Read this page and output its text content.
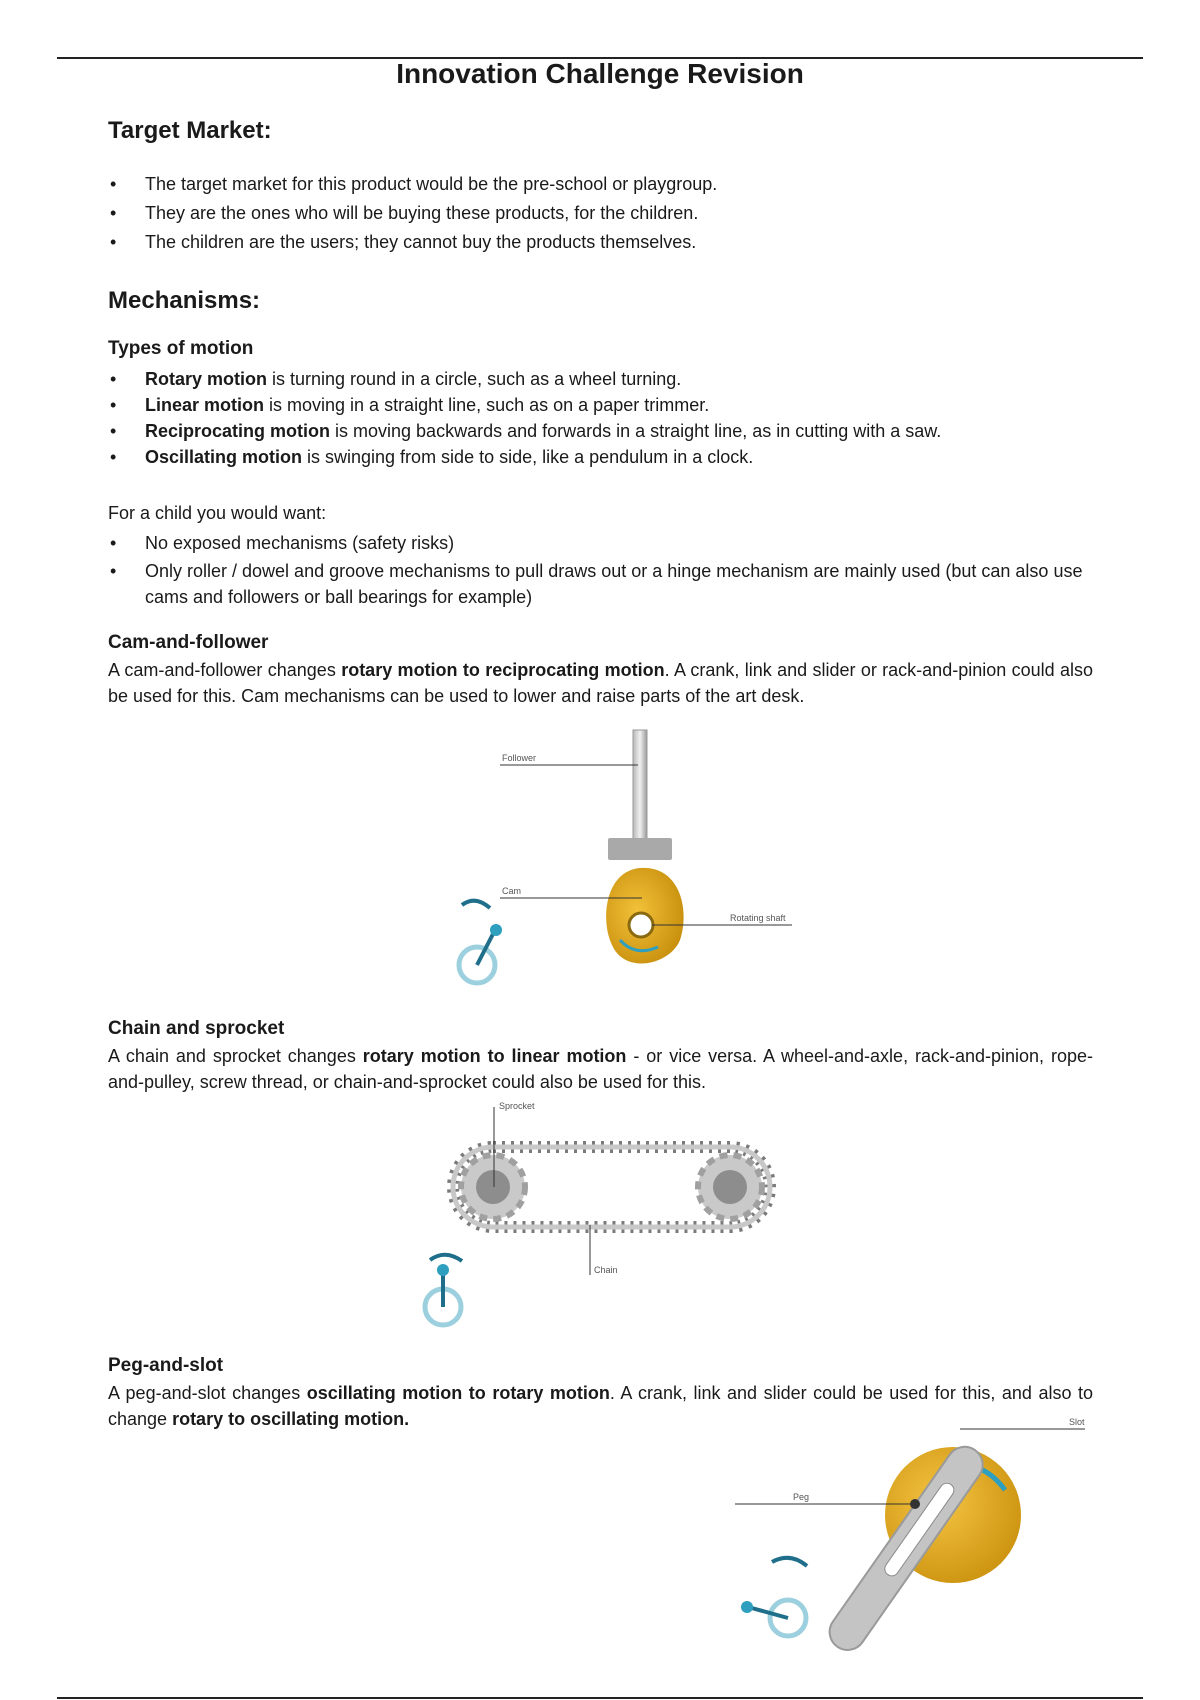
Innovation Challenge Revision
Target Market:
• The target market for this product would be the pre-school or playgroup.
• They are the ones who will be buying these products, for the children.
• The children are the users; they cannot buy the products themselves.
Mechanisms:
Types of motion
• Rotary motion is turning round in a circle, such as a wheel turning.
• Linear motion is moving in a straight line, such as on a paper trimmer.
• Reciprocating motion is moving backwards and forwards in a straight line, as in cutting with a saw.
• Oscillating motion is swinging from side to side, like a pendulum in a clock.

For a child you would want:

• No exposed mechanisms (safety risks)
• Only roller / dowel and groove mechanisms to pull draws out or a hinge mechanism are mainly used (but can also use cams and followers or ball bearings for example)
Cam-and-follower

A cam-and-follower changes rotary motion to reciprocating motion. A crank, link and slider or rack-and-pinion could also be used for this. Cam mechanisms can be used to lower and raise parts of the art desk.

Follower
Cam
Rotating shaft
Chain and sprocket

A chain and sprocket changes rotary motion to linear motion - or vice versa. A wheel-and-axle, rack-and-pinion, rope-and-pulley, screw thread, or chain-and-sprocket could also be used for this.

Sprocket
Chain
Peg-and-slot

A peg-and-slot changes oscillating motion to rotary motion. A crank, link and slider could be used for this, and also to change rotary to oscillating motion.

Peg
Slot
